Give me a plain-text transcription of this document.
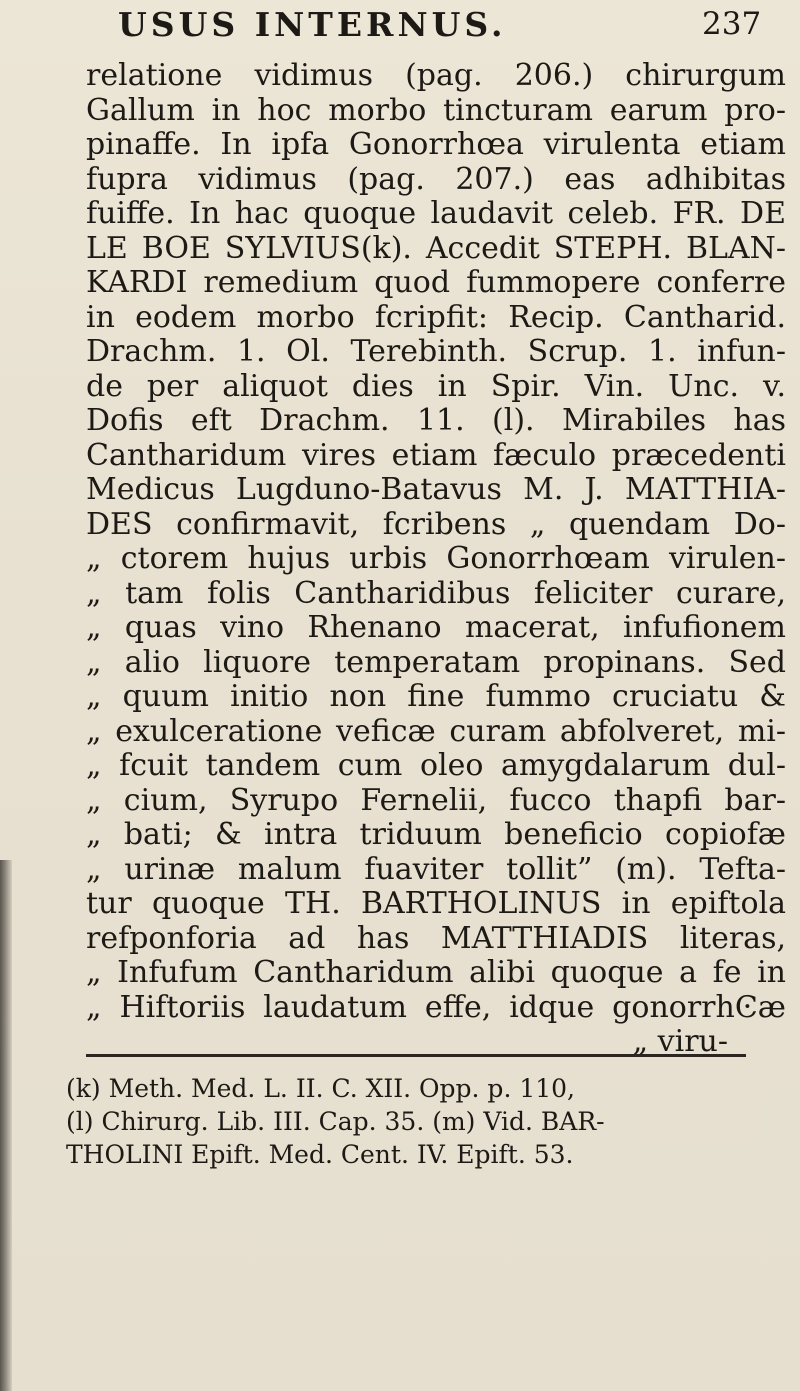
USUS INTERNUS.	237
relatione vidimus (pag. 206.) chirurgum
Gallum in hoc morbo tincturam earum pro-
pinaffe. In ipfa Gonorrhœa virulenta etiam
fupra vidimus (pag. 207.) eas adhibitas
fuiffe. In hac quoque laudavit celeb. FR. DE
LE BOE SYLVIUS(k). Accedit STEPH. BLAN-
KARDI remedium quod fummopere conferre
in eodem morbo fcripfit: Recip. Cantharid.
Drachm. 1. Ol. Terebinth. Scrup. 1. infun-
de per aliquot dies in Spir. Vin. Unc. v.
Dofis eft Drachm. 11. (l). Mirabiles has
Cantharidum vires etiam fæculo præcedenti
Medicus Lugduno-Batavus M. J. MATTHIA-
DES confirmavit, fcribens „ quendam Do-
„ ctorem hujus urbis Gonorrhœam virulen-
„ tam folis Cantharidibus feliciter curare,
„ quas vino Rhenano macerat, infufionem
„ alio liquore temperatam propinans. Sed
„ quum initio non fine fummo cruciatu &
„ exulceratione veficæ curam abfolveret, mi-
„ fcuit tandem cum oleo amygdalarum dul-
„ cium, Syrupo Fernelii, fucco thapfi bar-
„ bati; & intra triduum beneficio copiofæ
„ urinæ malum fuaviter tollit” (m). Tefta-
tur quoque TH. BARTHOLINUS in epiftola
refponforia ad has MATTHIADIS literas,
„ Infufum Cantharidum alibi quoque a fe in
„ Hiftoriis laudatum effe, idque gonorrhϾæ
„ viru-
(k) Meth. Med. L. II. C. XII. Opp. p. 110,
(l) Chirurg. Lib. III. Cap. 35. (m) Vid. BAR-
THOLINI Epift. Med. Cent. IV. Epift. 53.
